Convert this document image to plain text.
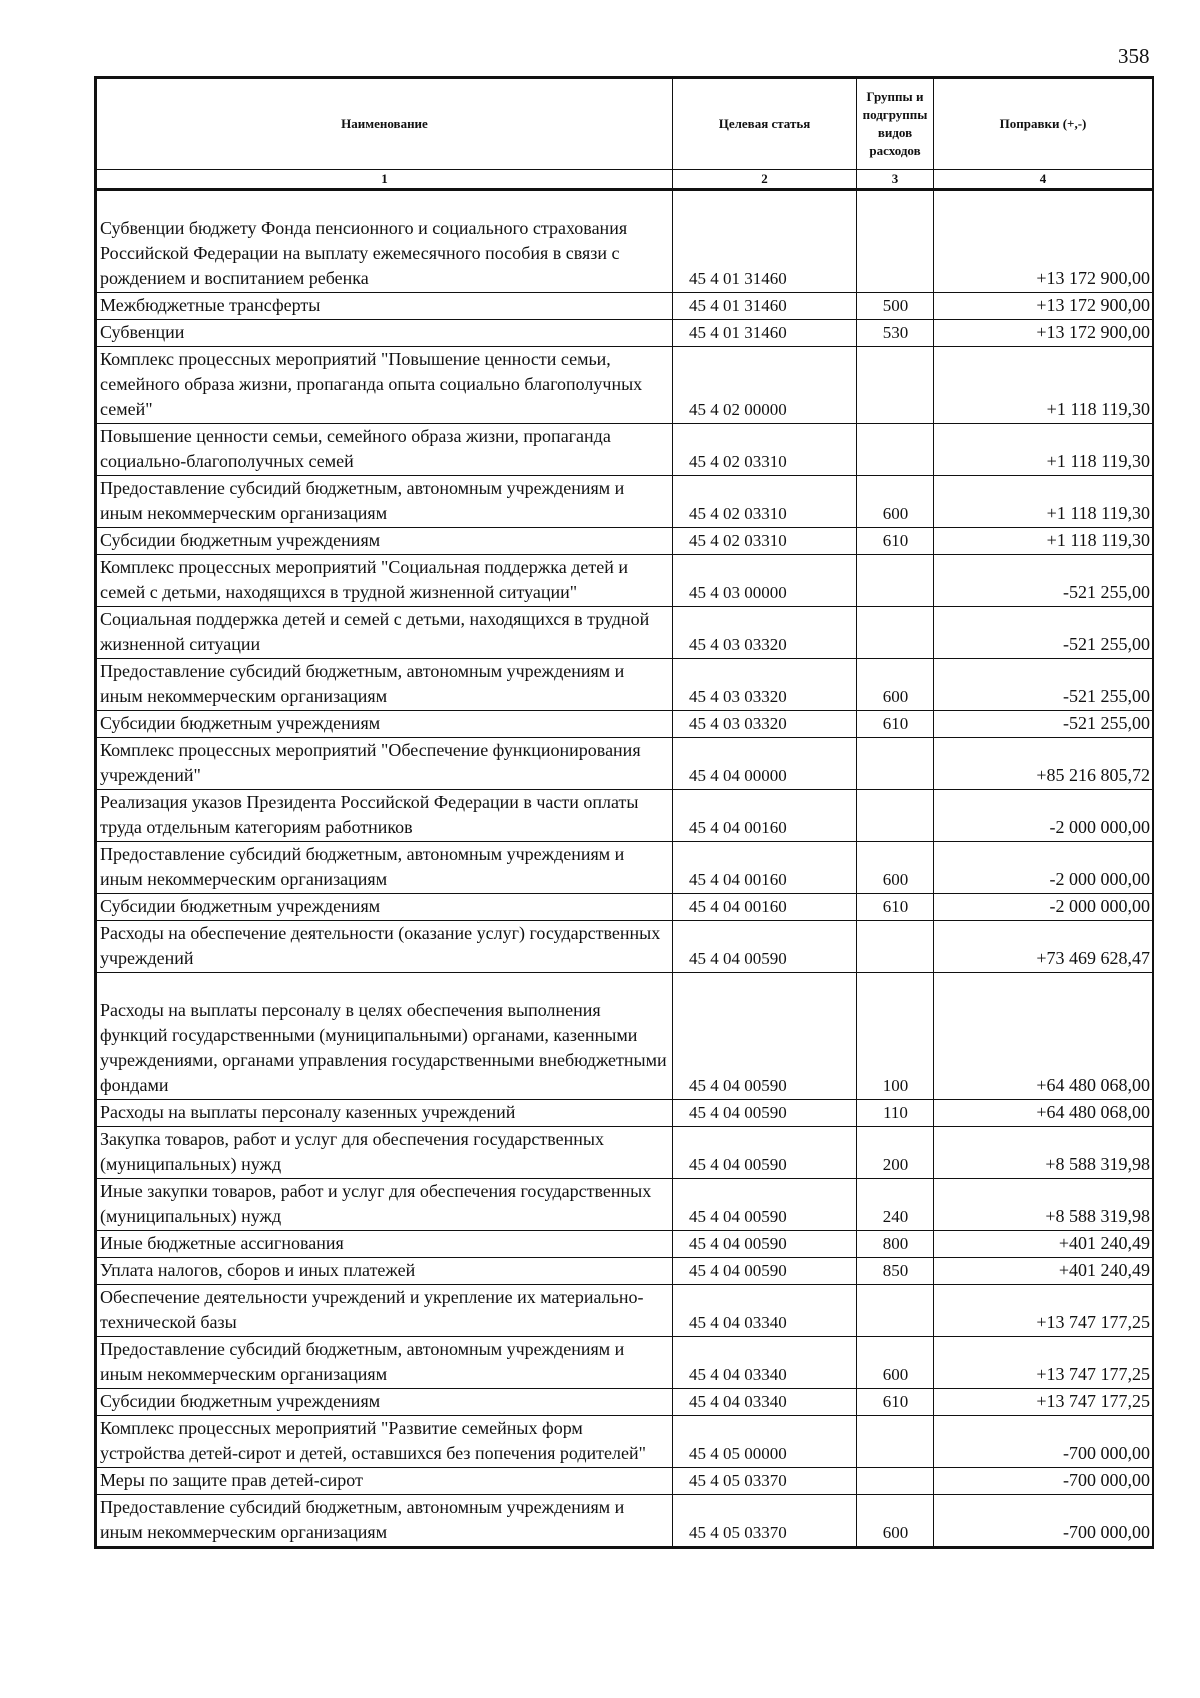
358
Наименование	Целевая статья	Группы и подгруппы видов расходов	Поправки (+,-)
1	2	3	4
Субвенции бюджету Фонда пенсионного и социального страхования Российской Федерации на выплату ежемесячного пособия в связи с рождением и воспитанием ребенка	45 4 01 31460		+13 172 900,00
Межбюджетные трансферты	45 4 01 31460	500	+13 172 900,00
Субвенции	45 4 01 31460	530	+13 172 900,00
Комплекс процессных мероприятий "Повышение ценности семьи, семейного образа жизни, пропаганда опыта социально благополучных семей"	45 4 02 00000		+1 118 119,30
Повышение ценности семьи, семейного образа жизни, пропаганда социально-благополучных семей	45 4 02 03310		+1 118 119,30
Предоставление субсидий бюджетным, автономным учреждениям и иным некоммерческим организациям	45 4 02 03310	600	+1 118 119,30
Субсидии бюджетным учреждениям	45 4 02 03310	610	+1 118 119,30
Комплекс процессных мероприятий "Социальная поддержка детей и семей с детьми, находящихся в трудной жизненной ситуации"	45 4 03 00000		-521 255,00
Социальная поддержка детей и семей с детьми, находящихся в трудной жизненной ситуации	45 4 03 03320		-521 255,00
Предоставление субсидий бюджетным, автономным учреждениям и иным некоммерческим организациям	45 4 03 03320	600	-521 255,00
Субсидии бюджетным учреждениям	45 4 03 03320	610	-521 255,00
Комплекс процессных мероприятий "Обеспечение функционирования учреждений"	45 4 04 00000		+85 216 805,72
Реализация указов Президента Российской Федерации в части оплаты труда отдельным категориям работников	45 4 04 00160		-2 000 000,00
Предоставление субсидий бюджетным, автономным учреждениям и иным некоммерческим организациям	45 4 04 00160	600	-2 000 000,00
Субсидии бюджетным учреждениям	45 4 04 00160	610	-2 000 000,00
Расходы на обеспечение деятельности (оказание услуг) государственных учреждений	45 4 04 00590		+73 469 628,47
Расходы на выплаты персоналу в целях обеспечения выполнения функций государственными (муниципальными) органами, казенными учреждениями, органами управления государственными внебюджетными фондами	45 4 04 00590	100	+64 480 068,00
Расходы на выплаты персоналу казенных учреждений	45 4 04 00590	110	+64 480 068,00
Закупка товаров, работ и услуг для обеспечения государственных (муниципальных) нужд	45 4 04 00590	200	+8 588 319,98
Иные закупки товаров, работ и услуг для обеспечения государственных (муниципальных) нужд	45 4 04 00590	240	+8 588 319,98
Иные бюджетные ассигнования	45 4 04 00590	800	+401 240,49
Уплата налогов, сборов и иных платежей	45 4 04 00590	850	+401 240,49
Обеспечение деятельности учреждений и укрепление их материально-технической базы	45 4 04 03340		+13 747 177,25
Предоставление субсидий бюджетным, автономным учреждениям и иным некоммерческим организациям	45 4 04 03340	600	+13 747 177,25
Субсидии бюджетным учреждениям	45 4 04 03340	610	+13 747 177,25
Комплекс процессных мероприятий "Развитие семейных форм устройства детей-сирот и детей, оставшихся без попечения родителей"	45 4 05 00000		-700 000,00
Меры по защите прав детей-сирот	45 4 05 03370		-700 000,00
Предоставление субсидий бюджетным, автономным учреждениям и иным некоммерческим организациям	45 4 05 03370	600	-700 000,00
